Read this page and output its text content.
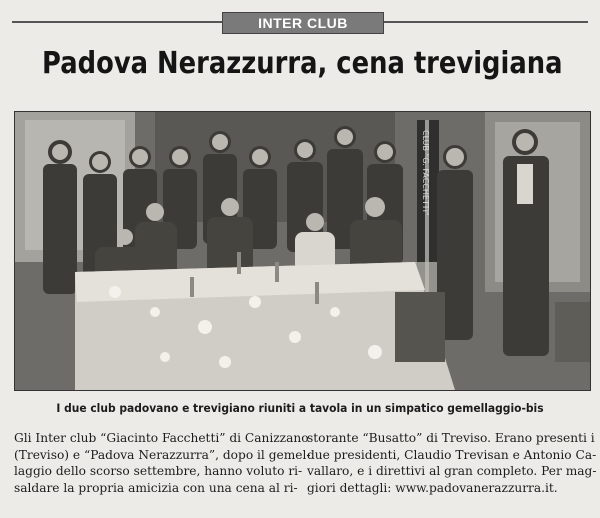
INTER CLUB
Padova Nerazzurra, cena trevigiana
CLUB "G. FACCHETTI"
I due club padovano e trevigiano riuniti a tavola in un simpatico gemellaggio-bis
Gli Inter club “Giacinto Facchetti” di Canizzano
(Treviso) e “Padova Nerazzurra”, dopo il gemel-
laggio dello scorso settembre, hanno voluto ri-
saldare la propria amicizia con una cena al ri-
storante “Busatto” di Treviso. Erano presenti i
due presidenti, Claudio Trevisan e Antonio Ca-
vallaro, e i direttivi al gran completo. Per mag-
giori dettagli: www.padovanerazzurra.it.
